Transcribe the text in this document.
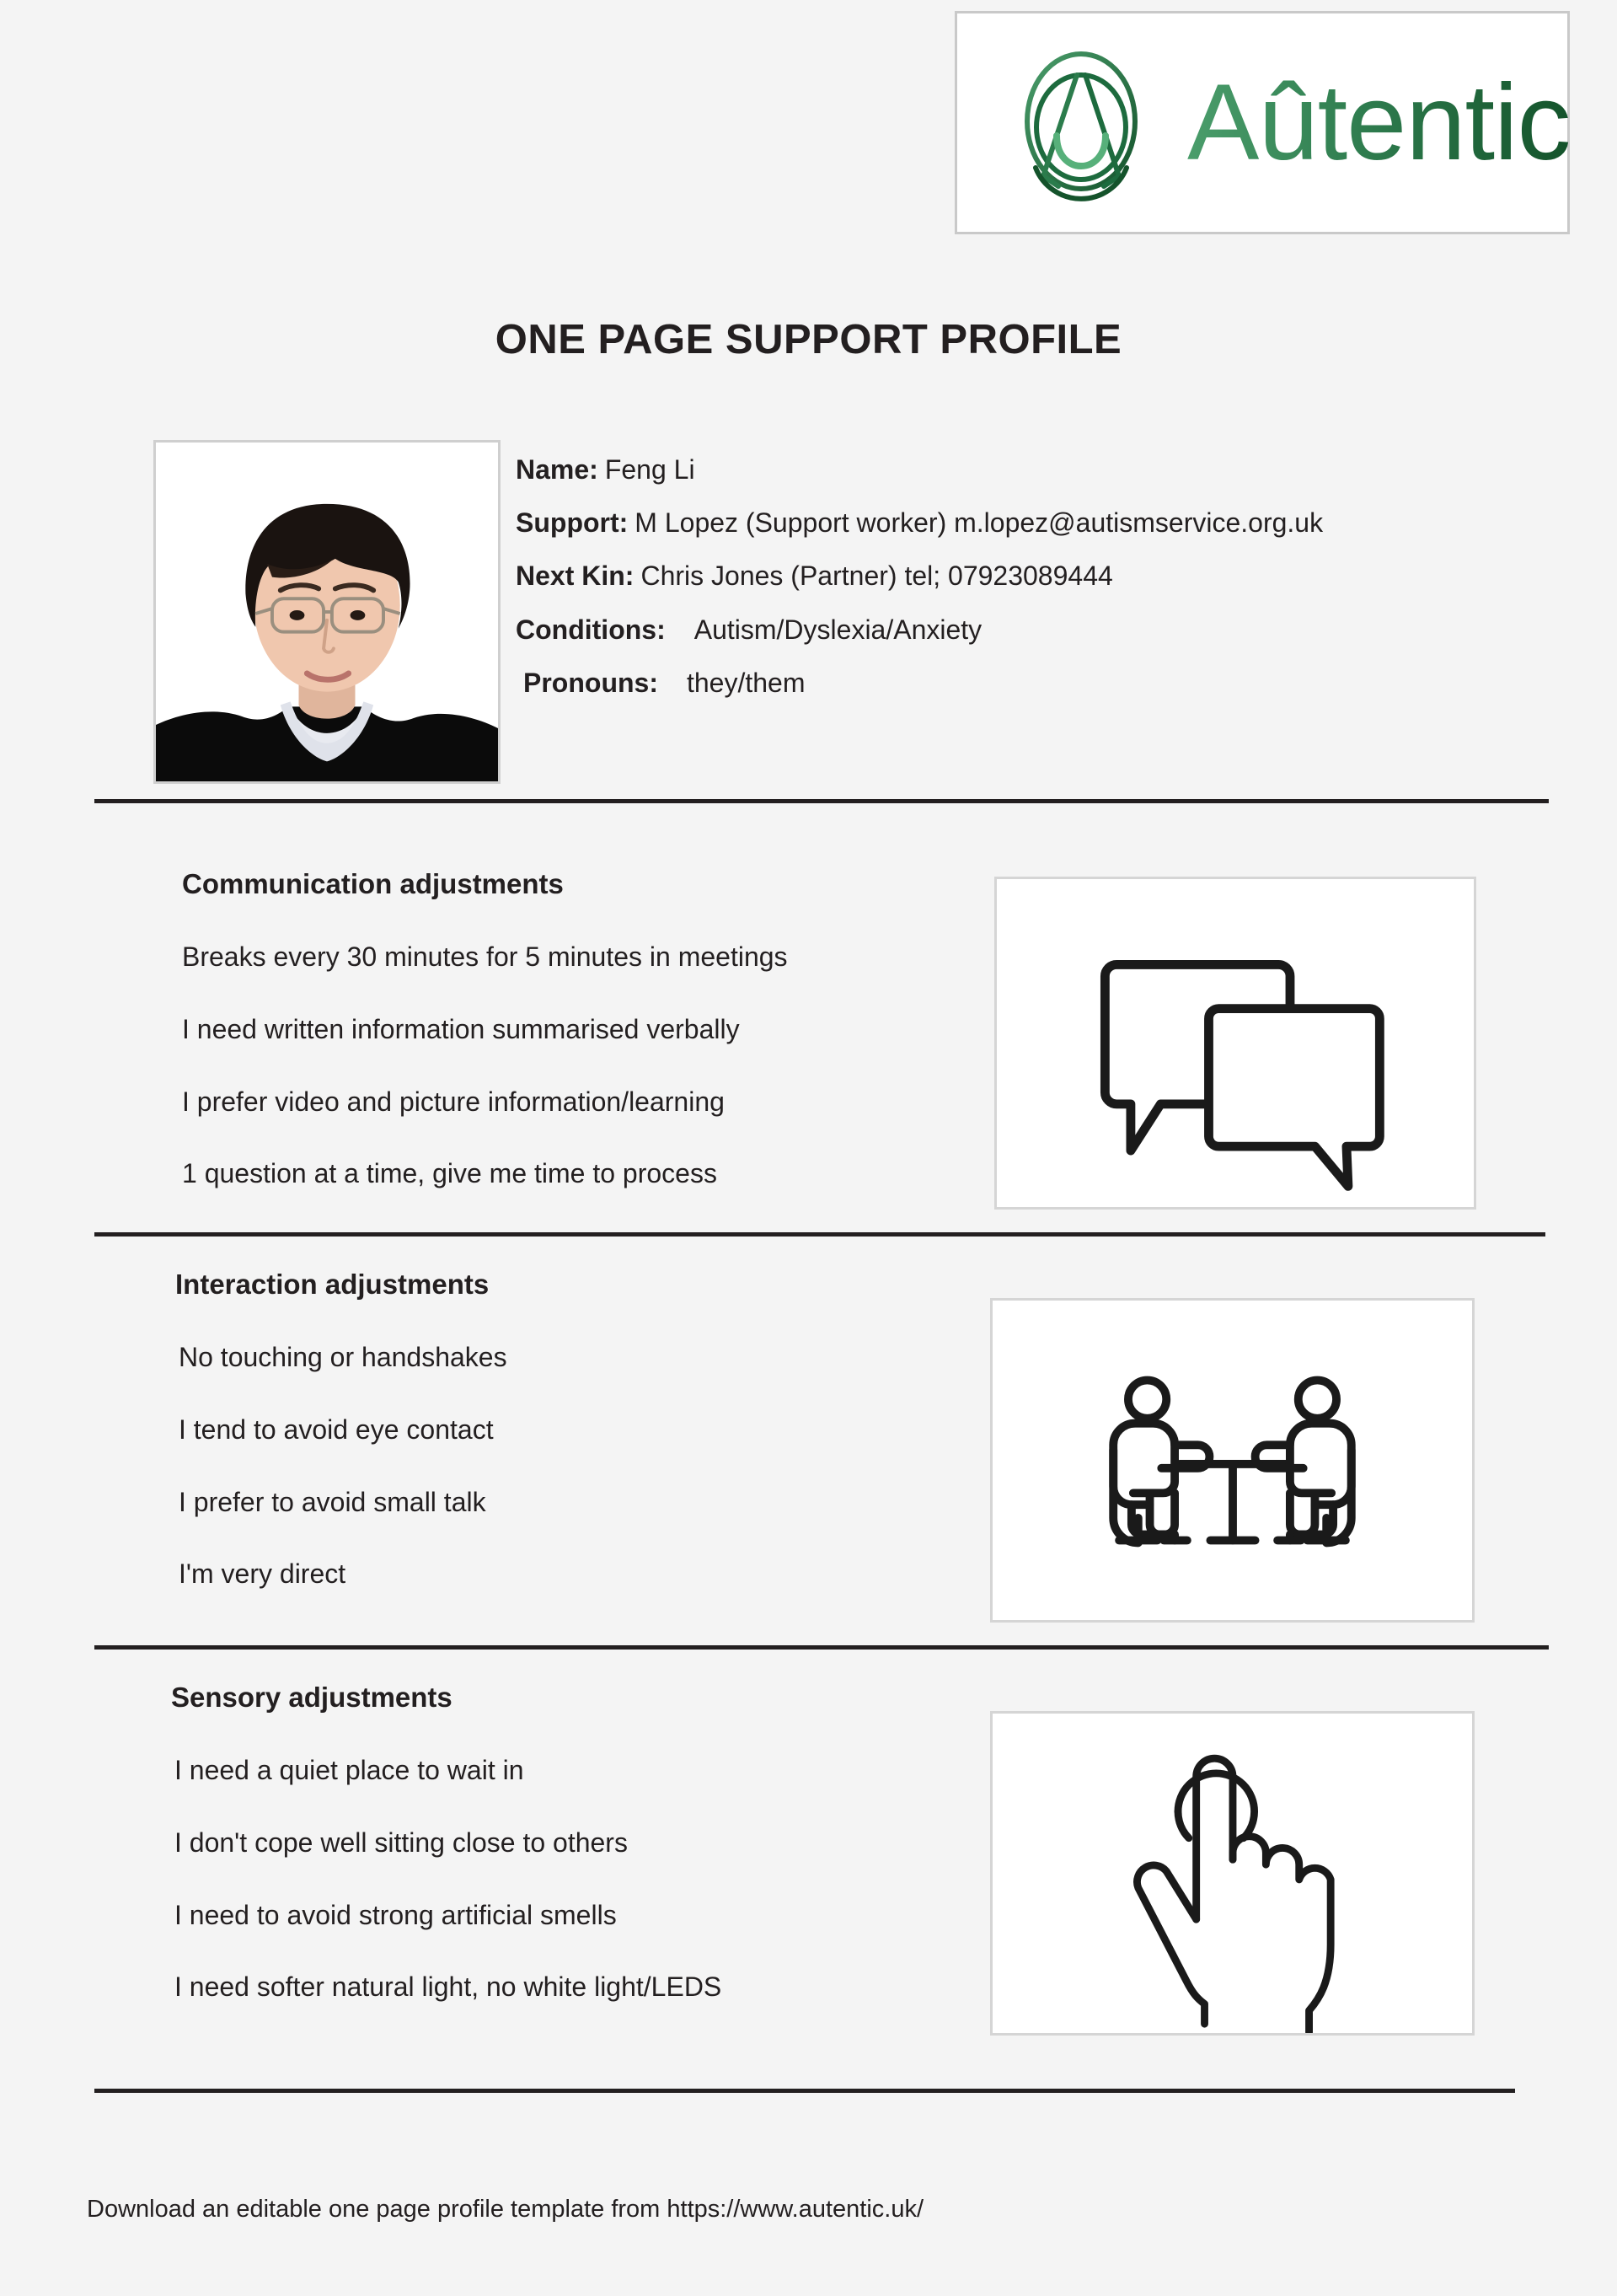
Aûtentic
ONE PAGE SUPPORT PROFILE
Name: Feng Li
Support: M Lopez (Support worker) m.lopez@autismservice.org.uk
Next Kin: Chris Jones (Partner) tel; 07923089444
Conditions: Autism/Dyslexia/Anxiety
Pronouns: they/them
Communication adjustments
Breaks every 30 minutes for 5 minutes in meetings
I need written information summarised verbally
I prefer video and picture information/learning
1 question at a time, give me time to process
Interaction adjustments
No touching or handshakes
I tend to avoid eye contact
I prefer to avoid small talk
I'm very direct
Sensory adjustments
I need a quiet place to wait in
I don't cope well sitting close to others
I need to avoid strong artificial smells
I need softer natural light, no white light/LEDS
Download an editable one page profile template from https://www.autentic.uk/
